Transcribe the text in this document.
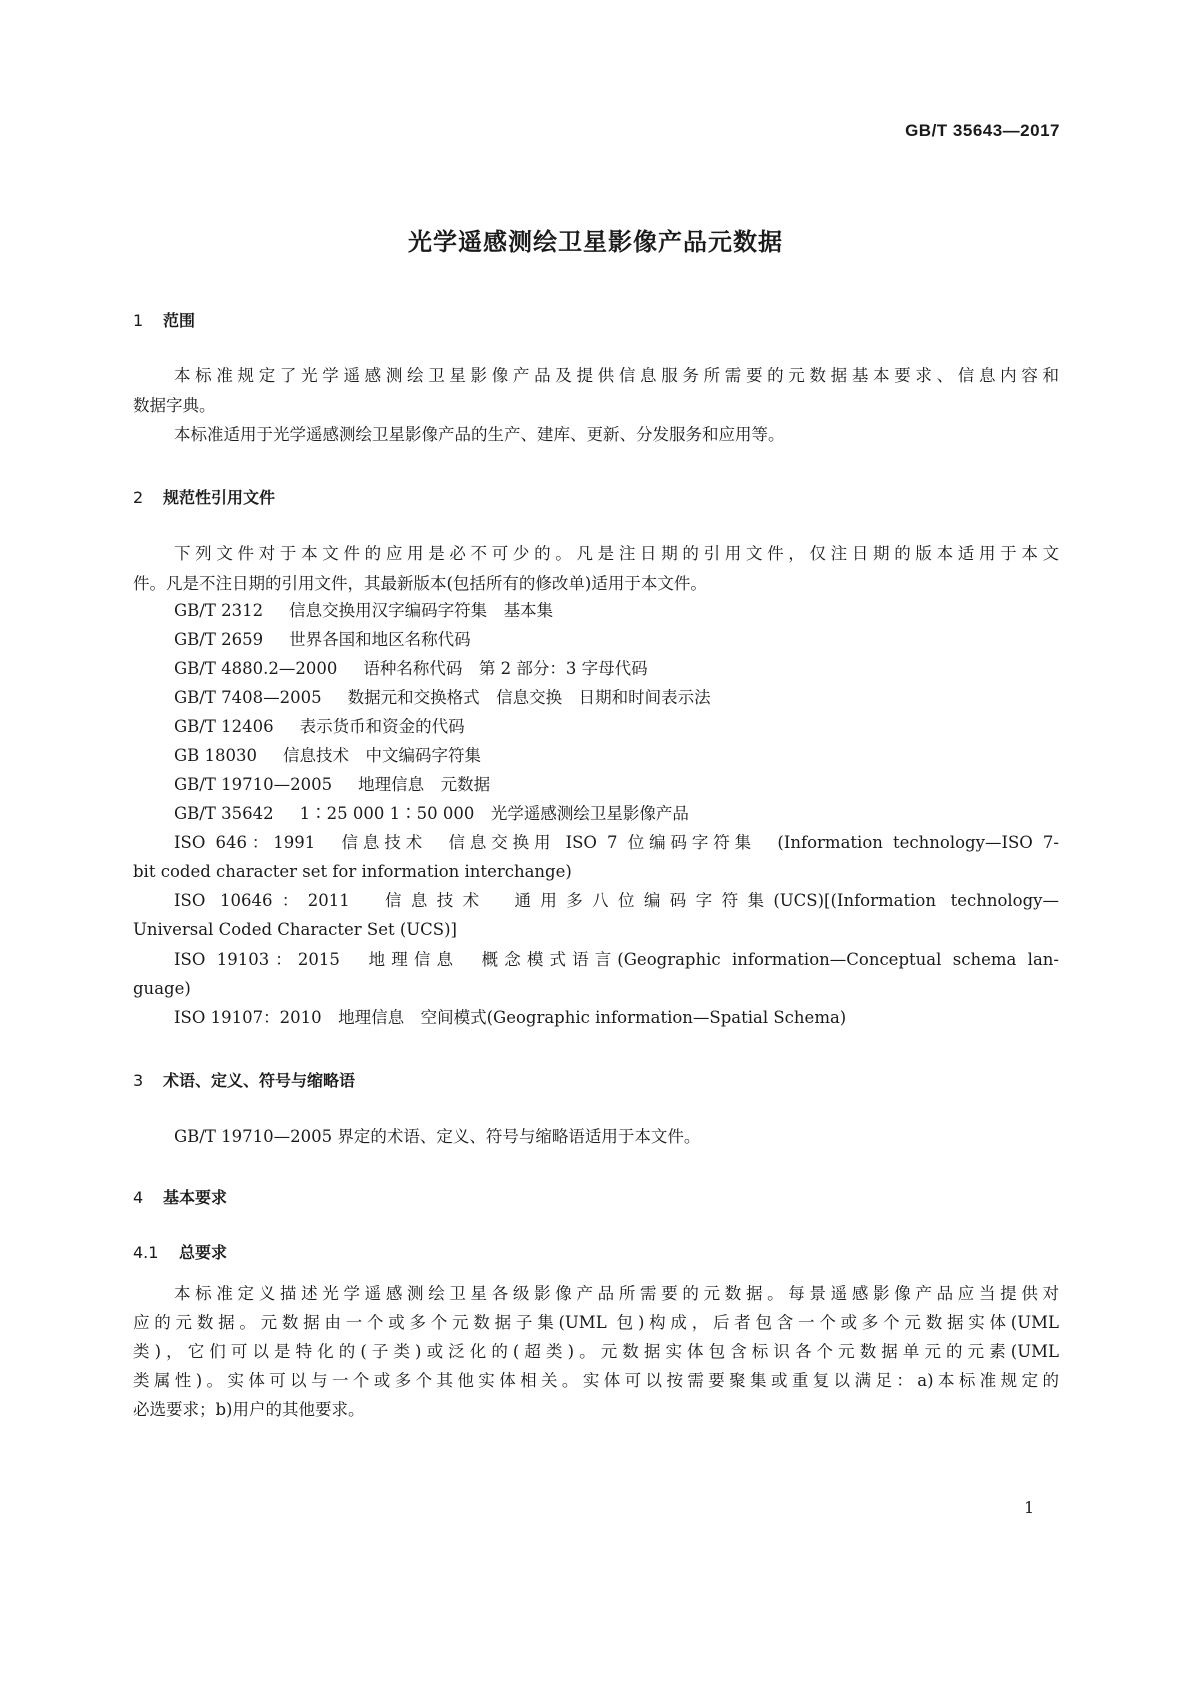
GB/T 35643—2017
光学遥感测绘卫星影像产品元数据
1 范围
本标准规定了光学遥感测绘卫星影像产品及提供信息服务所需要的元数据基本要求、信息内容和
数据字典。
本标准适用于光学遥感测绘卫星影像产品的生产、建库、更新、分发服务和应用等。
2 规范性引用文件
下列文件对于本文件的应用是必不可少的。凡是注日期的引用文件，仅注日期的版本适用于本文
件。凡是不注日期的引用文件，其最新版本(包括所有的修改单)适用于本文件。
GB/T 2312 信息交换用汉字编码字符集　基本集
GB/T 2659 世界各国和地区名称代码
GB/T 4880.2—2000 语种名称代码　第 2 部分：3 字母代码
GB/T 7408—2005 数据元和交换格式　信息交换　日期和时间表示法
GB/T 12406 表示货币和资金的代码
GB 18030 信息技术　中文编码字符集
GB/T 19710—2005 地理信息　元数据
GB/T 35642 1∶25 000 1∶50 000　光学遥感测绘卫星影像产品
ISO 646：1991　信息技术　信息交换用 ISO 7 位编码字符集　(Information technology—ISO 7-
bit coded character set for information interchange)
ISO 10646：2011　信息技术　通用多八位编码字符集(UCS)[(Information technology—
Universal Coded Character Set (UCS)]
ISO 19103：2015　地理信息　概念模式语言(Geographic information—Conceptual schema lan-
guage)
ISO 19107：2010　地理信息　空间模式(Geographic information—Spatial Schema)
3 术语、定义、符号与缩略语
GB/T 19710—2005 界定的术语、定义、符号与缩略语适用于本文件。
4 基本要求
4.1 总要求
本标准定义描述光学遥感测绘卫星各级影像产品所需要的元数据。每景遥感影像产品应当提供对
应的元数据。元数据由一个或多个元数据子集(UML 包)构成，后者包含一个或多个元数据实体(UML
类)，它们可以是特化的(子类)或泛化的(超类)。元数据实体包含标识各个元数据单元的元素(UML
类属性)。实体可以与一个或多个其他实体相关。实体可以按需要聚集或重复以满足：a)本标准规定的
必选要求；b)用户的其他要求。
1
